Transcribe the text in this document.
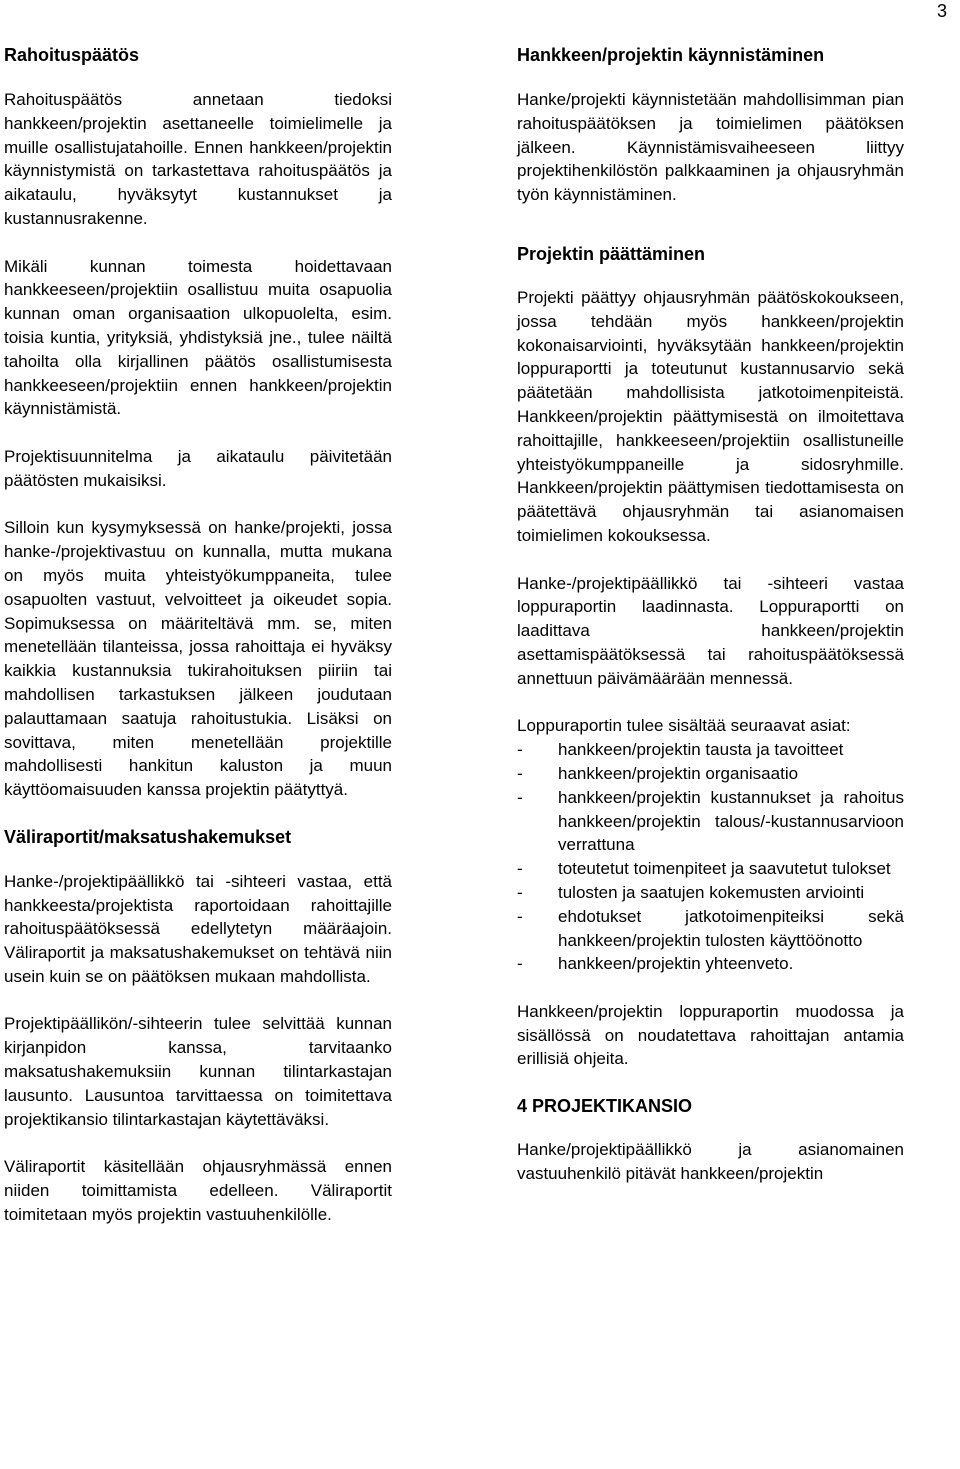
3
Rahoituspäätös

Rahoituspäätös annetaan tiedoksi hankkeen/projektin asettaneelle toimielimelle ja muille osallistujatahoille. Ennen hankkeen/projektin käynnistymistä on tarkastettava rahoituspäätös ja aikataulu, hyväksytyt kustannukset ja kustannusrakenne.

Mikäli kunnan toimesta hoidettavaan hankkeeseen/projektiin osallistuu muita osapuolia kunnan oman organisaation ulkopuolelta, esim. toisia kuntia, yrityksiä, yhdistyksiä jne., tulee näiltä tahoilta olla kirjallinen päätös osallistumisesta hankkeeseen/projektiin ennen hankkeen/projektin käynnistämistä.

Projektisuunnitelma ja aikataulu päivitetään päätösten mukaisiksi.

Silloin kun kysymyksessä on hanke/projekti, jossa hanke-/projektivastuu on kunnalla, mutta mukana on myös muita yhteistyökumppaneita, tulee osapuolten vastuut, velvoitteet ja oikeudet sopia. Sopimuksessa on määriteltävä mm. se, miten menetellään tilanteissa, jossa rahoittaja ei hyväksy kaikkia kustannuksia tukirahoituksen piiriin tai mahdollisen tarkastuksen jälkeen joudutaan palauttamaan saatuja rahoitustukia. Lisäksi on sovittava, miten menetellään projektille mahdollisesti hankitun kaluston ja muun käyttöomaisuuden kanssa projektin päätyttyä.

Väliraportit/maksatushakemukset

Hanke-/projektipäällikkö tai -sihteeri vastaa, että hankkeesta/projektista raportoidaan rahoittajille rahoituspäätöksessä edellytetyn määräajoin. Väliraportit ja maksatushakemukset on tehtävä niin usein kuin se on päätöksen mukaan mahdollista.

Projektipäällikön/-sihteerin tulee selvittää kunnan kirjanpidon kanssa, tarvitaanko maksatushakemuksiin kunnan tilintarkastajan lausunto. Lausuntoa tarvittaessa on toimitettava projektikansio tilintarkastajan käytettäväksi.

Väliraportit käsitellään ohjausryhmässä ennen niiden toimittamista edelleen. Väliraportit toimitetaan myös projektin vastuuhenkilölle.

Hankkeen/projektin käynnistäminen

Hanke/projekti käynnistetään mahdollisimman pian rahoituspäätöksen ja toimielimen päätöksen jälkeen. Käynnistämisvaiheeseen liittyy projektihenkilöstön palkkaaminen ja ohjausryhmän työn käynnistäminen.

Projektin päättäminen

Projekti päättyy ohjausryhmän päätöskokoukseen, jossa tehdään myös hankkeen/projektin kokonaisarviointi, hyväksytään hankkeen/projektin loppuraportti ja toteutunut kustannusarvio sekä päätetään mahdollisista jatkotoimenpiteistä. Hankkeen/projektin päättymisestä on ilmoitettava rahoittajille, hankkeeseen/projektiin osallistuneille yhteistyökumppaneille ja sidosryhmille. Hankkeen/projektin päättymisen tiedottamisesta on päätettävä ohjausryhmän tai asianomaisen toimielimen kokouksessa.

Hanke-/projektipäällikkö tai -sihteeri vastaa loppuraportin laadinnasta. Loppuraportti on laadittava hankkeen/projektin asettamispäätöksessä tai rahoituspäätöksessä annettuun päivämäärään mennessä.

Loppuraportin tulee sisältää seuraavat asiat:

- hankkeen/projektin tausta ja tavoitteet
- hankkeen/projektin organisaatio
- hankkeen/projektin kustannukset ja rahoitus hankkeen/projektin talous/-kustannusarvioon verrattuna
- toteutetut toimenpiteet ja saavutetut tulokset
- tulosten ja saatujen kokemusten arviointi
- ehdotukset jatkotoimenpiteiksi sekä hankkeen/projektin tulosten käyttöönotto
- hankkeen/projektin yhteenveto.

Hankkeen/projektin loppuraportin muodossa ja sisällössä on noudatettava rahoittajan antamia erillisiä ohjeita.

4 PROJEKTIKANSIO

Hanke/projektipäällikkö ja asianomainen vastuuhenkilö pitävät hankkeen/projektin
